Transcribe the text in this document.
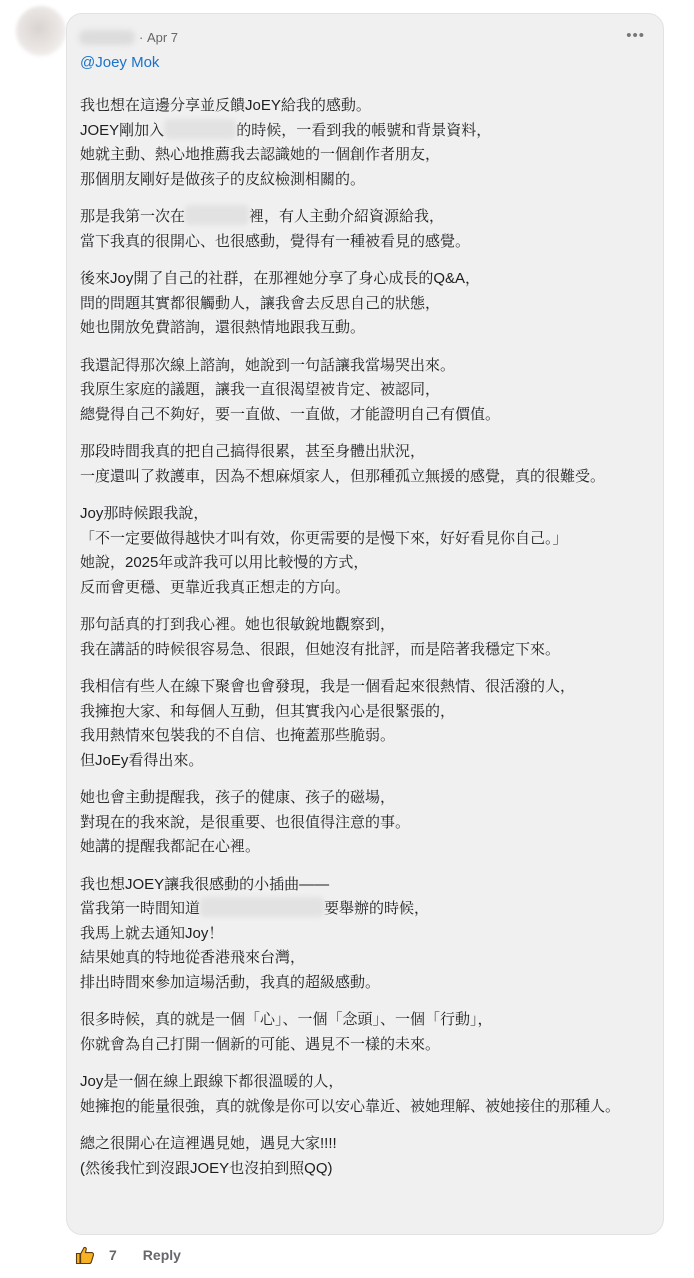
· Apr 7	•••
@Joey Mok
我也想在這邊分享並反饋JoEY給我的感動。
JOEY剛加入	的時候，一看到我的帳號和背景資料，
她就主動、熱心地推薦我去認識她的一個創作者朋友，
那個朋友剛好是做孩子的皮紋檢測相關的。
那是我第一次在	裡，有人主動介紹資源給我，
當下我真的很開心、也很感動，覺得有一種被看見的感覺。
後來Joy開了自己的社群，在那裡她分享了身心成長的Q&A，
問的問題其實都很觸動人，讓我會去反思自己的狀態，
她也開放免費諮詢，還很熱情地跟我互動。
我還記得那次線上諮詢，她說到一句話讓我當場哭出來。
我原生家庭的議題，讓我一直很渴望被肯定、被認同，
總覺得自己不夠好，要一直做、一直做，才能證明自己有價值。
那段時間我真的把自己搞得很累，甚至身體出狀況，
一度還叫了救護車，因為不想麻煩家人，但那種孤立無援的感覺，真的很難受。
Joy那時候跟我說，
「不一定要做得越快才叫有效，你更需要的是慢下來，好好看見你自己。」
她說，2025年或許我可以用比較慢的方式，
反而會更穩、更靠近我真正想走的方向。
那句話真的打到我心裡。她也很敏銳地觀察到，
我在講話的時候很容易急、很跟，但她沒有批評，而是陪著我穩定下來。
我相信有些人在線下聚會也會發現，我是一個看起來很熱情、很活潑的人，
我擁抱大家、和每個人互動，但其實我內心是很緊張的，
我用熱情來包裝我的不自信、也掩蓋那些脆弱。
但JoEy看得出來。
她也會主動提醒我，孩子的健康、孩子的磁場，
對現在的我來說，是很重要、也很值得注意的事。
她講的提醒我都記在心裡。
我也想JOEY讓我很感動的小插曲——
當我第一時間知道	要舉辦的時候，
我馬上就去通知Joy！
結果她真的特地從香港飛來台灣，
排出時間來參加這場活動，我真的超級感動。
很多時候，真的就是一個「心」、一個「念頭」、一個「行動」，
你就會為自己打開一個新的可能、遇見不一樣的未來。
Joy是一個在線上跟線下都很溫暖的人，
她擁抱的能量很強，真的就像是你可以安心靠近、被她理解、被她接住的那種人。
總之很開心在這裡遇見她，遇見大家!!!!
(然後我忙到沒跟JOEY也沒拍到照QQ)
7 Reply
